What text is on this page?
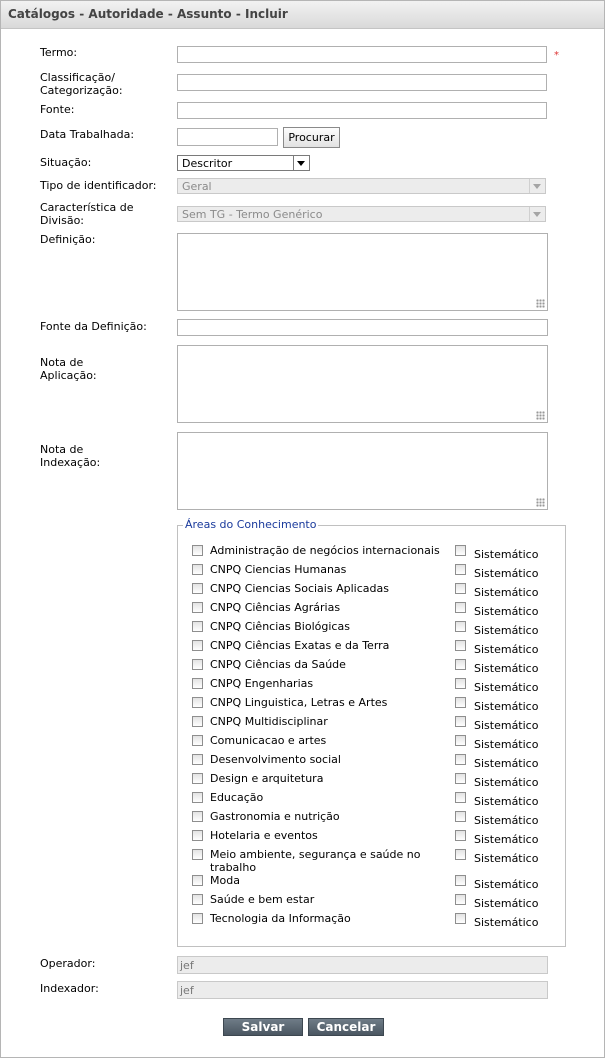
Catálogos - Autoridade - Assunto - Incluir
Termo:	*
Classificação/
Categorização:
Fonte:
Data Trabalhada:	Procurar
Situação:	Descritor
Tipo de identificador: Geral
Característica de
Divisão:	Sem TG - Termo Genérico
Definição:
Fonte da Definição:
Nota de
Aplicação:
Nota de
Indexação:
Áreas do Conhecimento
Operador:	jef
Indexador:	jef
Salvar	Cancelar
Administração de negócios internacionais	Sistemático
CNPQ Ciencias Humanas	Sistemático
CNPQ Ciencias Sociais Aplicadas	Sistemático
CNPQ Ciências Agrárias	Sistemático
CNPQ Ciências Biológicas	Sistemático
CNPQ Ciências Exatas e da Terra	Sistemático
CNPQ Ciências da Saúde	Sistemático
CNPQ Engenharias	Sistemático
CNPQ Linguistica, Letras e Artes	Sistemático
CNPQ Multidisciplinar	Sistemático
Comunicacao e artes	Sistemático
Desenvolvimento social	Sistemático
Design e arquitetura	Sistemático
Educação	Sistemático
Gastronomia e nutrição	Sistemático
Hotelaria e eventos	Sistemático
Meio ambiente, segurança e saúde no trabalho
Sistemático
Moda	Sistemático
Saúde e bem estar	Sistemático
Tecnologia da Informação	Sistemático
